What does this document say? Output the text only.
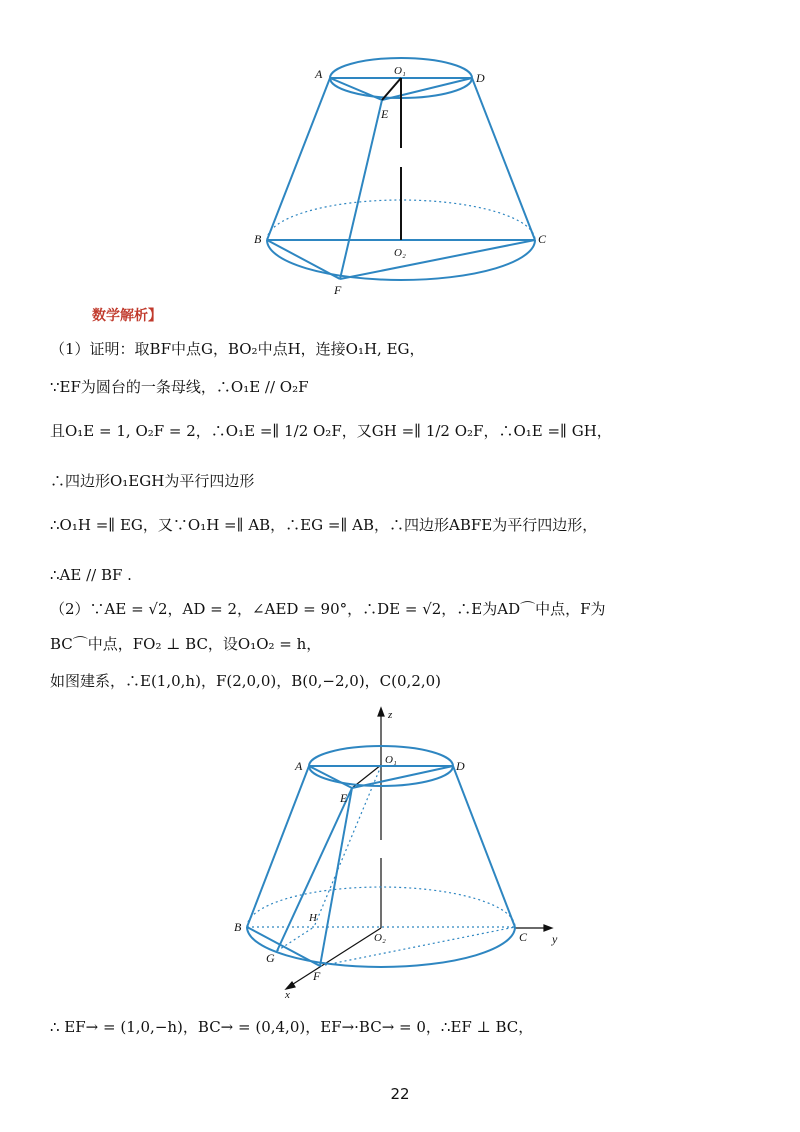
A	D
O₁
E
B	C
O₂
F
数学解析】
（1）证明：取BF中点G，BO₂中点H，连接O₁H, EG，
∵EF为圆台的一条母线，∴O₁E // O₂F
且O₁E = 1, O₂F = 2，∴O₁E =∥ 1/2 O₂F，又GH =∥ 1/2 O₂F，∴O₁E =∥ GH，
∴四边形O₁EGH为平行四边形
∴O₁H =∥ EG，又∵O₁H =∥ AB，∴EG =∥ AB，∴四边形ABFE为平行四边形，
∴AE // BF .
（2）∵AE = √2，AD = 2，∠AED = 90°，∴DE = √2，∴E为AD⌒中点，F为
BC⌒中点，FO₂ ⊥ BC，设O₁O₂ = h，
如图建系，∴E(1,0,h)，F(2,0,0)，B(0,−2,0)，C(0,2,0)
z
A	D
O₁
E
H
B
O₂	C y
G
F
x
∴ EF→ = (1,0,−h)，BC→ = (0,4,0)，EF→·BC→ = 0，∴EF ⊥ BC，
22
